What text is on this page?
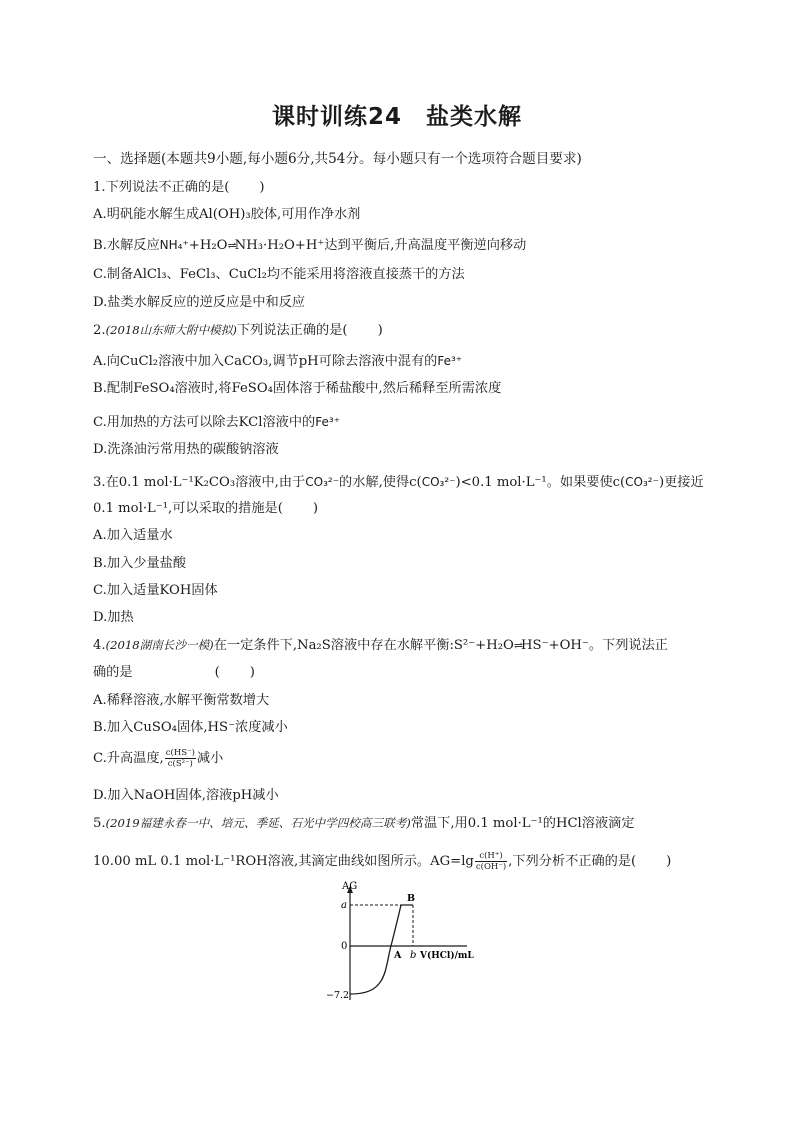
课时训练24　盐类水解
一、选择题(本题共9小题,每小题6分,共54分。每小题只有一个选项符合题目要求)
1.下列说法不正确的是( )
A.明矾能水解生成Al(OH)₃胶体,可用作净水剂
B.水解反应NH₄⁺+H₂O⇌NH₃·H₂O+H⁺达到平衡后,升高温度平衡逆向移动
C.制备AlCl₃、FeCl₃、CuCl₂均不能采用将溶液直接蒸干的方法
D.盐类水解反应的逆反应是中和反应
2.(2018山东师大附中模拟)下列说法正确的是( )
A.向CuCl₂溶液中加入CaCO₃,调节pH可除去溶液中混有的Fe³⁺
B.配制FeSO₄溶液时,将FeSO₄固体溶于稀盐酸中,然后稀释至所需浓度
C.用加热的方法可以除去KCl溶液中的Fe³⁺
D.洗涤油污常用热的碳酸钠溶液
3.在0.1 mol·L⁻¹K₂CO₃溶液中,由于CO₃²⁻的水解,使得c(CO₃²⁻)<0.1 mol·L⁻¹。如果要使c(CO₃²⁻)更接近
0.1 mol·L⁻¹,可以采取的措施是( )
A.加入适量水
B.加入少量盐酸
C.加入适量KOH固体
D.加热
4.(2018湖南长沙一模)在一定条件下,Na₂S溶液中存在水解平衡:S²⁻+H₂O⇌HS⁻+OH⁻。下列说法正
确的是	( )
A.稀释溶液,水解平衡常数增大
B.加入CuSO₄固体,HS⁻浓度减小
C.升高温度, $\frac{c(HS^-)}{\text{c(S²⁻)}}$ 减小
D.加入NaOH固体,溶液pH减小
5.(2019福建永春一中、培元、季延、石光中学四校高三联考)常温下,用0.1 mol·L⁻¹的HCl溶液滴定
10.00 mL 0.1 mol·L⁻¹ROH溶液,其滴定曲线如图所示。$AG=\lg \frac{c(H^+)}{c(OH^-)}$ ,下列分析不正确的是( )
AG
a
0
−7.2
A
B
b V(HCl)/mL
